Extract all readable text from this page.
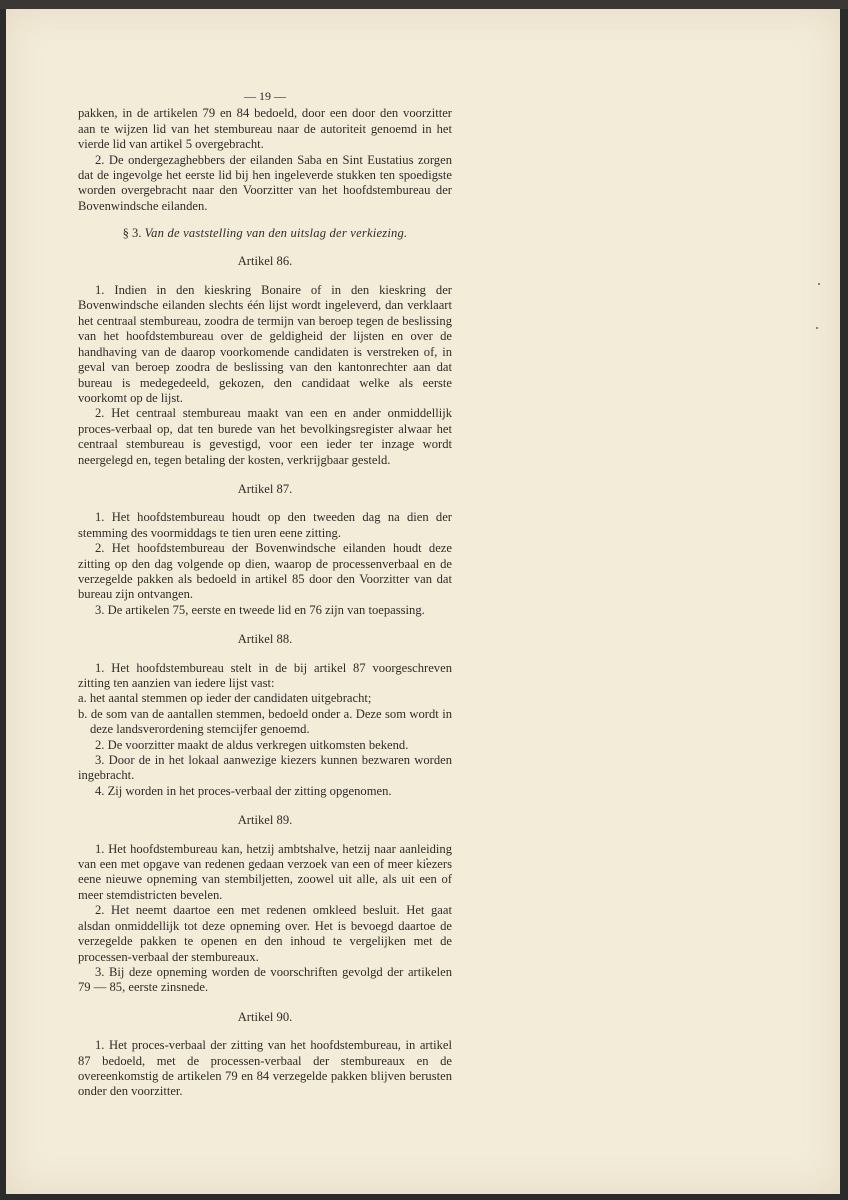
— 19 —

pakken, in de artikelen 79 en 84 bedoeld, door een door den voorzitter aan te wijzen lid van het stembureau naar de autoriteit genoemd in het vierde lid van artikel 5 overgebracht.

2. De ondergezaghebbers der eilanden Saba en Sint Eustatius zorgen dat de ingevolge het eerste lid bij hen ingeleverde stukken ten spoedigste worden overgebracht naar den Voorzitter van het hoofdstembureau der Bovenwindsche eilanden.

§ 3. Van de vaststelling van den uitslag der verkiezing.

Artikel 86.

1. Indien in den kieskring Bonaire of in den kieskring der Bovenwindsche eilanden slechts één lijst wordt ingeleverd, dan verklaart het centraal stembureau, zoodra de termijn van beroep tegen de beslissing van het hoofdstembureau over de geldigheid der lijsten en over de handhaving van de daarop voorkomende candidaten is verstreken of, in geval van beroep zoodra de beslissing van den kantonrechter aan dat bureau is medegedeeld, gekozen, den candidaat welke als eerste voorkomt op de lijst.

2. Het centraal stembureau maakt van een en ander onmiddellijk proces-verbaal op, dat ten burede van het bevolkingsregister alwaar het centraal stembureau is gevestigd, voor een ieder ter inzage wordt neergelegd en, tegen betaling der kosten, verkrijgbaar gesteld.

Artikel 87.

1. Het hoofdstembureau houdt op den tweeden dag na dien der stemming des voormiddags te tien uren eene zitting.

2. Het hoofdstembureau der Bovenwindsche eilanden houdt deze zitting op den dag volgende op dien, waarop de processenverbaal en de verzegelde pakken als bedoeld in artikel 85 door den Voorzitter van dat bureau zijn ontvangen.

3. De artikelen 75, eerste en tweede lid en 76 zijn van toepassing.

Artikel 88.

1. Het hoofdstembureau stelt in de bij artikel 87 voorgeschreven zitting ten aanzien van iedere lijst vast:

a. het aantal stemmen op ieder der candidaten uitgebracht;

b. de som van de aantallen stemmen, bedoeld onder a. Deze som wordt in deze landsverordening stemcijfer genoemd.

2. De voorzitter maakt de aldus verkregen uitkomsten bekend.

3. Door de in het lokaal aanwezige kiezers kunnen bezwaren worden ingebracht.

4. Zij worden in het proces-verbaal der zitting opgenomen.

Artikel 89.

1. Het hoofdstembureau kan, hetzij ambtshalve, hetzij naar aanleiding van een met opgave van redenen gedaan verzoek van een of meer kiezers eene nieuwe opneming van stembiljetten, zoowel uit alle, als uit een of meer stemdistricten bevelen.

2. Het neemt daartoe een met redenen omkleed besluit. Het gaat alsdan onmiddellijk tot deze opneming over. Het is bevoegd daartoe de verzegelde pakken te openen en den inhoud te vergelijken met de processen-verbaal der stembureaux.

3. Bij deze opneming worden de voorschriften gevolgd der artikelen 79 — 85, eerste zinsnede.

Artikel 90.

1. Het proces-verbaal der zitting van het hoofdstembureau, in artikel 87 bedoeld, met de processen-verbaal der stembureaux en de overeenkomstig de artikelen 79 en 84 verzegelde pakken blijven berusten onder den voorzitter.
